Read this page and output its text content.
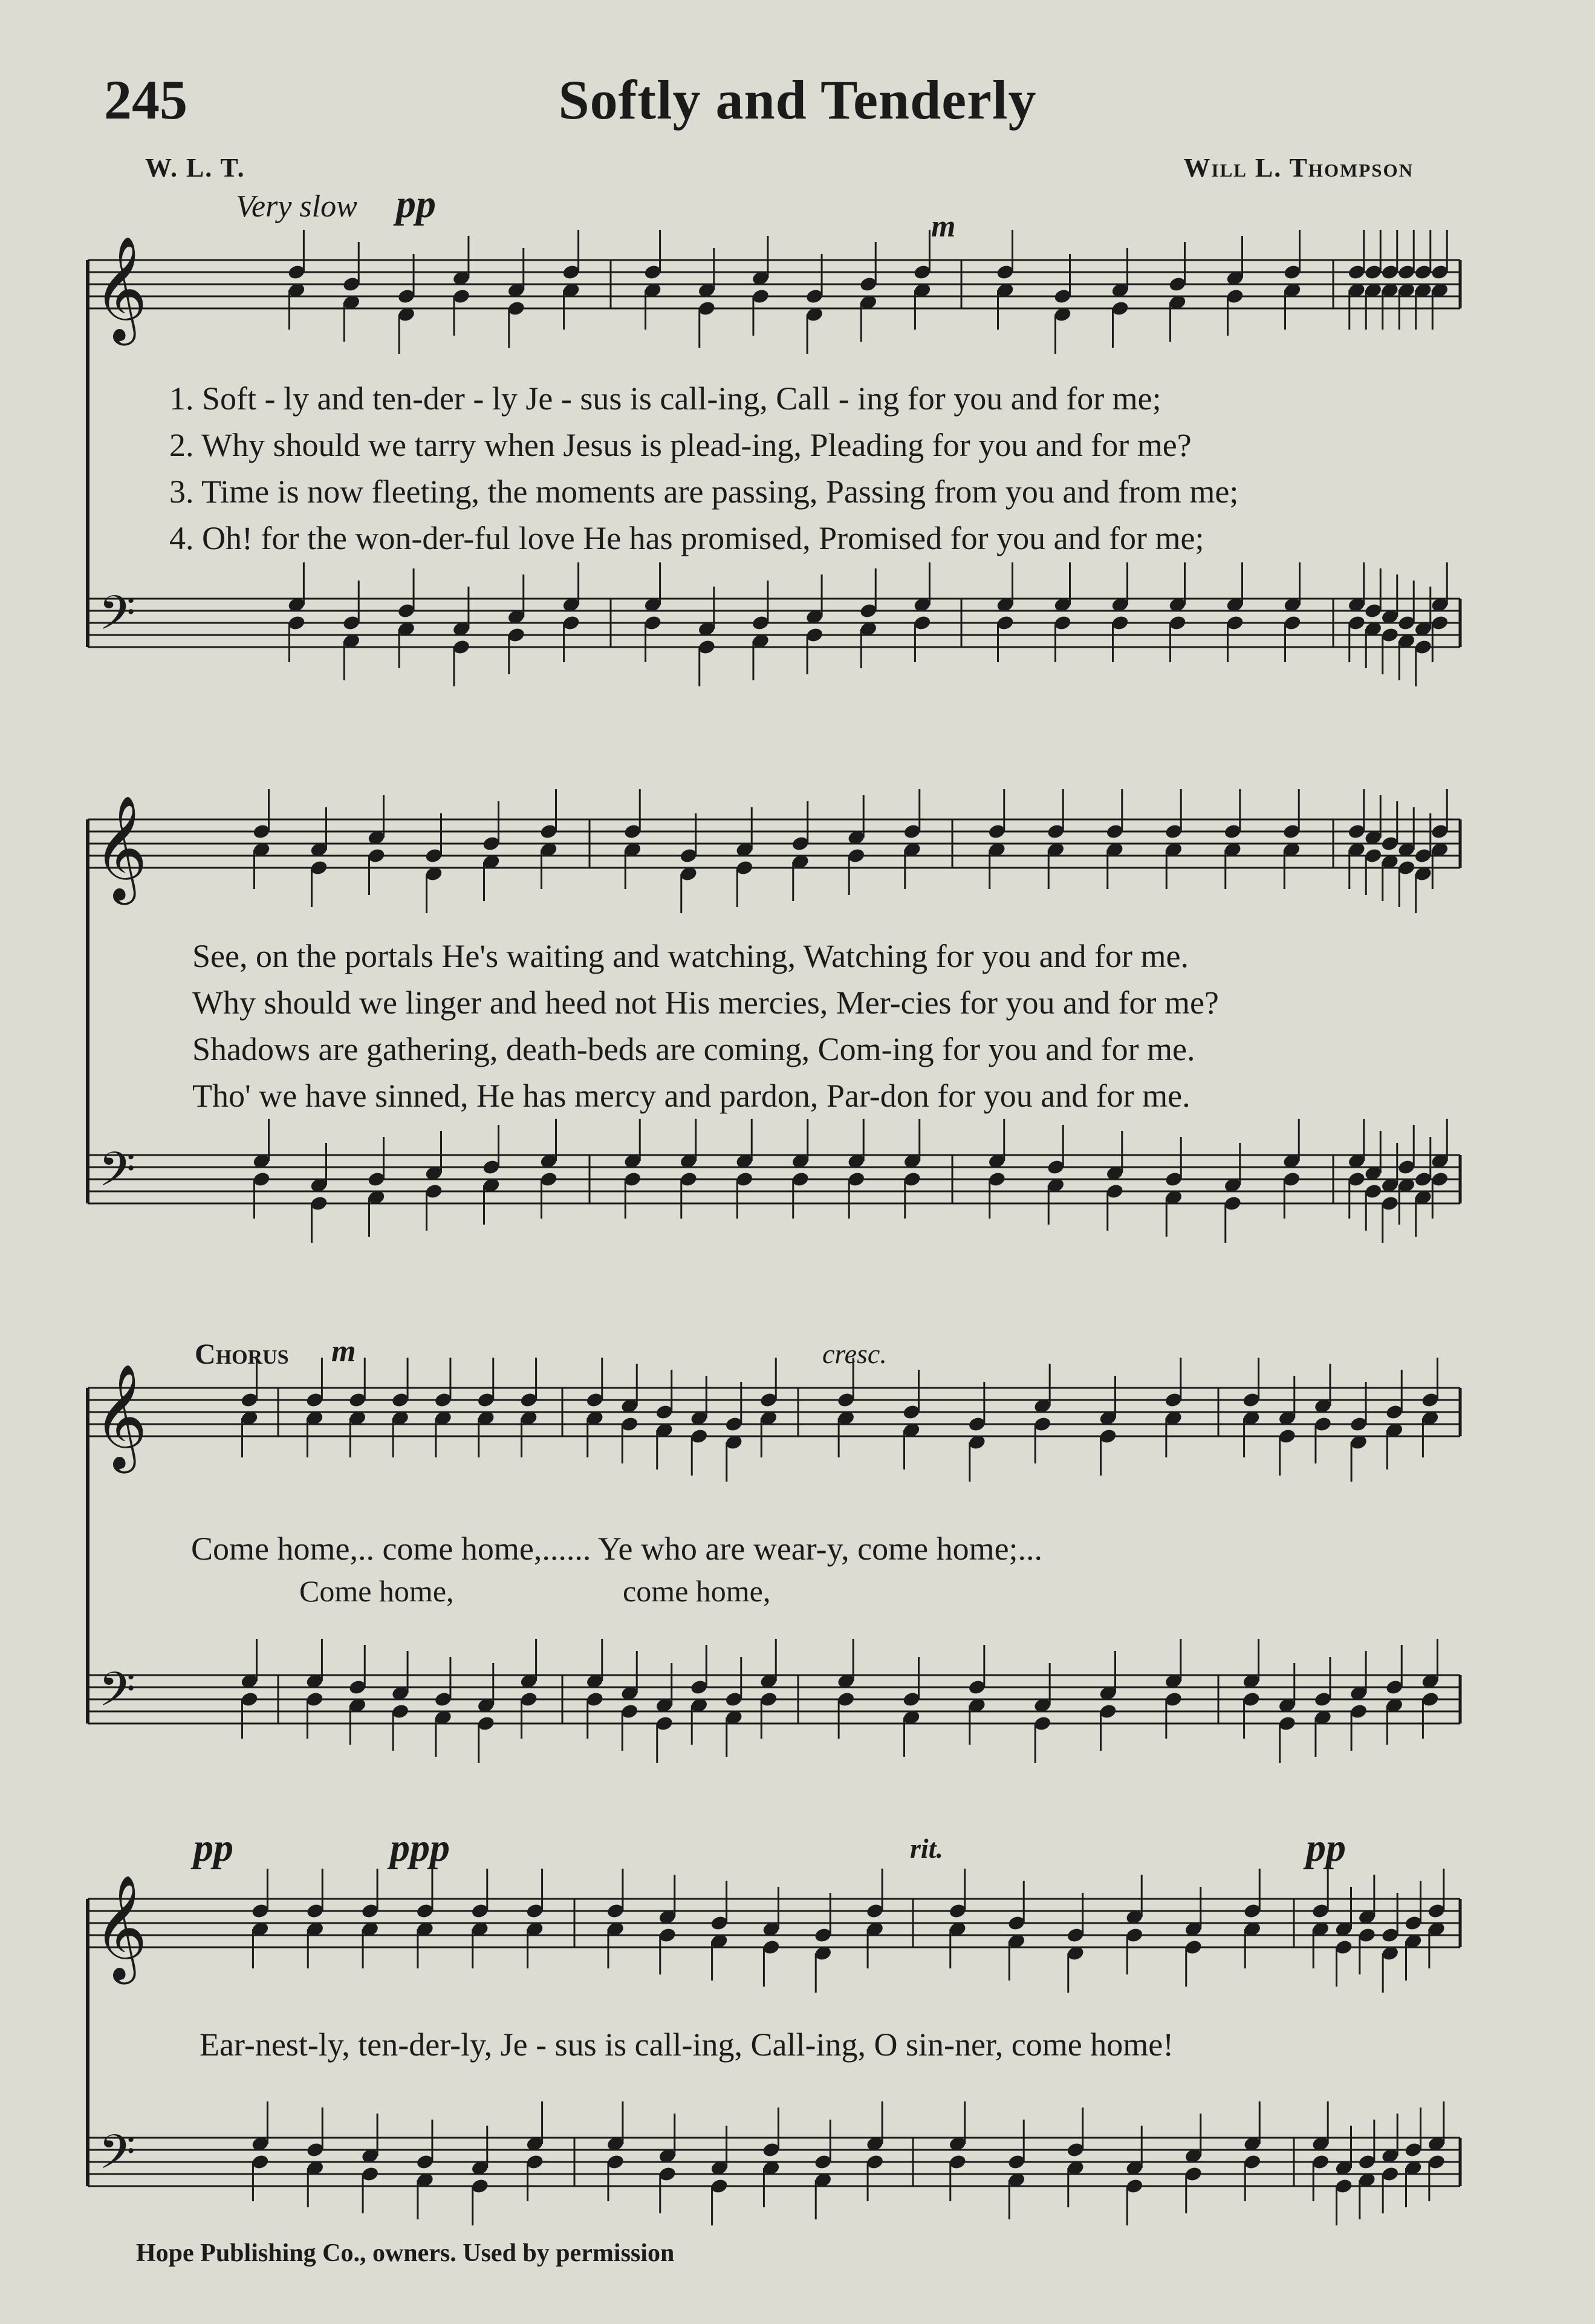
245	Softly and Tenderly
W. L. T.	Will L. Thompson
Very slow pp
m
𝄞
𝄢
𝄞
𝄢
𝄞
𝄢
𝄞
𝄢
1. Soft - ly and ten-der - ly Je - sus is call-ing, Call - ing for you and for me;
2. Why should we tarry when Jesus is plead-ing, Pleading for you and for me?
3. Time is now fleeting, the moments are passing, Passing from you and from me;
4. Oh! for the won-der-ful love He has promised, Promised for you and for me;
See, on the portals He's waiting and watching, Watching for you and for me.
Why should we linger and heed not His mercies, Mer-cies for you and for me?
Shadows are gathering, death-beds are coming, Com-ing for you and for me.
Tho' we have sinned, He has mercy and pardon, Par-don for you and for me.
Chorus m	cresc.
Come home,.. come home,...... Ye who are wear-y, come home;...
Come home,	come home,
pp	ppp	rit.	pp
Ear-nest-ly, ten-der-ly, Je - sus is call-ing, Call-ing, O sin-ner, come home!
Hope Publishing Co., owners. Used by permission
